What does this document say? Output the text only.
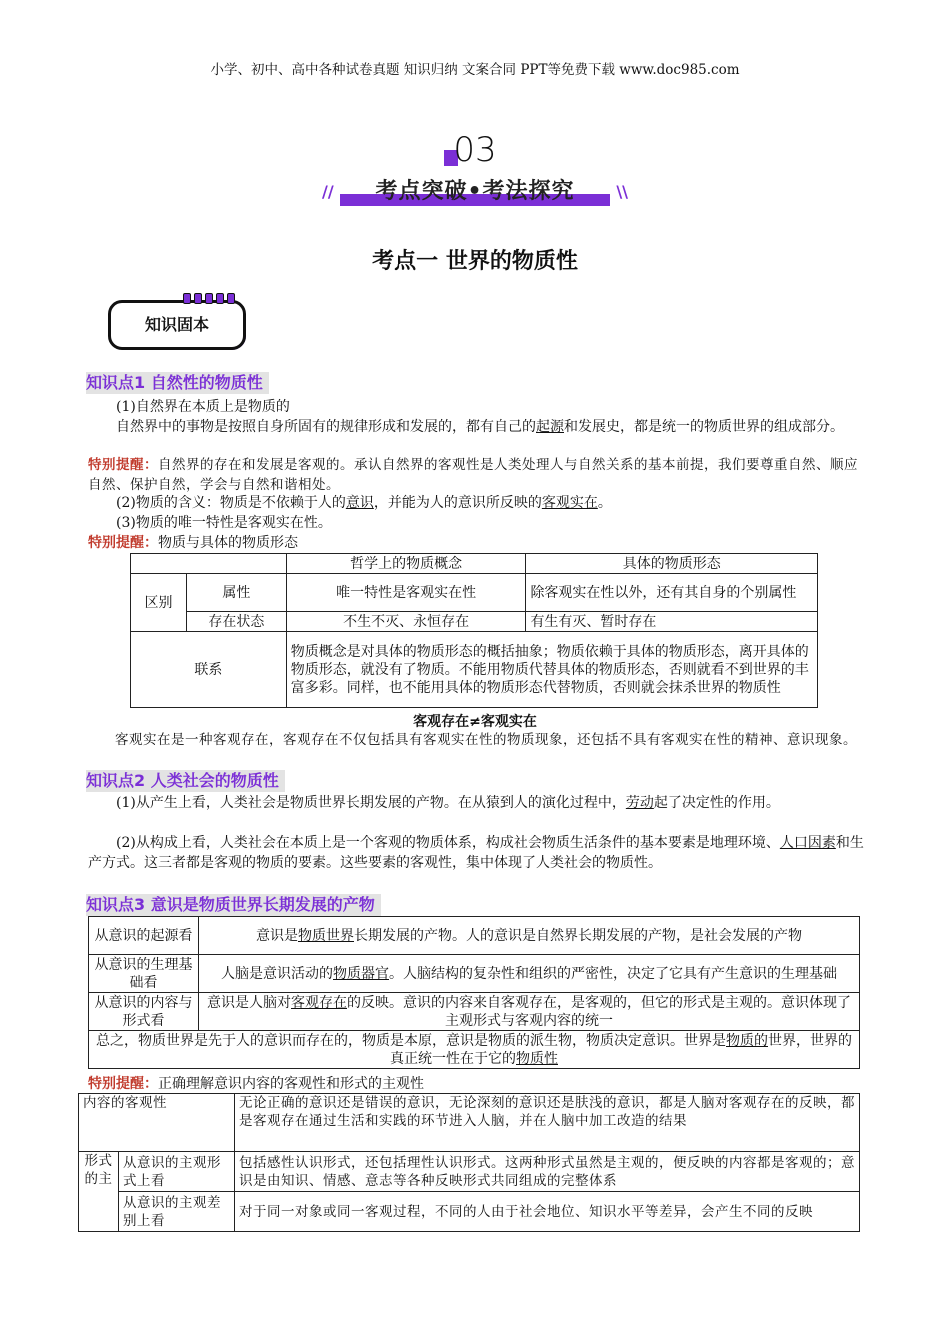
小学、初中、高中各种试卷真题 知识归纳 文案合同 PPT等免费下载 www.doc985.com
03
//	\\
考点突破•考法探究
考点一 世界的物质性
知识固本
知识点1 自然性的物质性
(1)自然界在本质上是物质的
自然界中的事物是按照自身所固有的规律形成和发展的，都有自己的起源和发展史，都是统一的物质世界的组成部分。
特别提醒：自然界的存在和发展是客观的。承认自然界的客观性是人类处理人与自然关系的基本前提，我们要尊重自然、顺应自然、保护自然，学会与自然和谐相处。
(2)物质的含义：物质是不依赖于人的意识，并能为人的意识所反映的客观实在。
(3)物质的唯一特性是客观实在性。
特别提醒：物质与具体的物质形态
		哲学上的物质概念	具体的物质形态
区别	属性	唯一特性是客观实在性	除客观实在性以外，还有其自身的个别属性
	存在状态	不生不灭、永恒存在	有生有灭、暂时存在
联系		物质概念是对具体的物质形态的概括抽象；物质依赖于具体的物质形态，离开具体的物质形态，就没有了物质。不能用物质代替具体的物质形态，否则就看不到世界的丰富多彩。同样，也不能用具体的物质形态代替物质，否则就会抹杀世界的物质性	
客观存在≠客观实在
客观实在是一种客观存在，客观存在不仅包括具有客观实在性的物质现象，还包括不具有客观实在性的精神、意识现象。
知识点2 人类社会的物质性
(1)从产生上看，人类社会是物质世界长期发展的产物。在从猿到人的演化过程中，劳动起了决定性的作用。
(2)从构成上看，人类社会在本质上是一个客观的物质体系，构成社会物质生活条件的基本要素是地理环境、人口因素和生产方式。这三者都是客观的物质的要素。这些要素的客观性，集中体现了人类社会的物质性。
知识点3 意识是物质世界长期发展的产物
从意识的起源看	意识是物质世界长期发展的产物。人的意识是自然界长期发展的产物，是社会发展的产物
从意识的生理基础看	人脑是意识活动的物质器官。人脑结构的复杂性和组织的严密性，决定了它具有产生意识的生理基础
从意识的内容与形式看	意识是人脑对客观存在的反映。意识的内容来自客观存在，是客观的，但它的形式是主观的。意识体现了主观形式与客观内容的统一
总之，物质世界是先于人的意识而存在的，物质是本原，意识是物质的派生物，物质决定意识。世界是物质的世界，世界的真正统一性在于它的物质性	
特别提醒：正确理解意识内容的客观性和形式的主观性
内容的客观性		无论正确的意识还是错误的意识，无论深刻的意识还是肤浅的意识，都是人脑对客观存在的反映，都是客观存在通过生活和实践的环节进入人脑，并在人脑中加工改造的结果
形式的主	从意识的主观形式上看	包括感性认识形式，还包括理性认识形式。这两种形式虽然是主观的，便反映的内容都是客观的；意识是由知识、情感、意志等各种反映形式共同组成的完整体系
	从意识的主观差别上看	对于同一对象或同一客观过程，不同的人由于社会地位、知识水平等差异，会产生不同的反映
